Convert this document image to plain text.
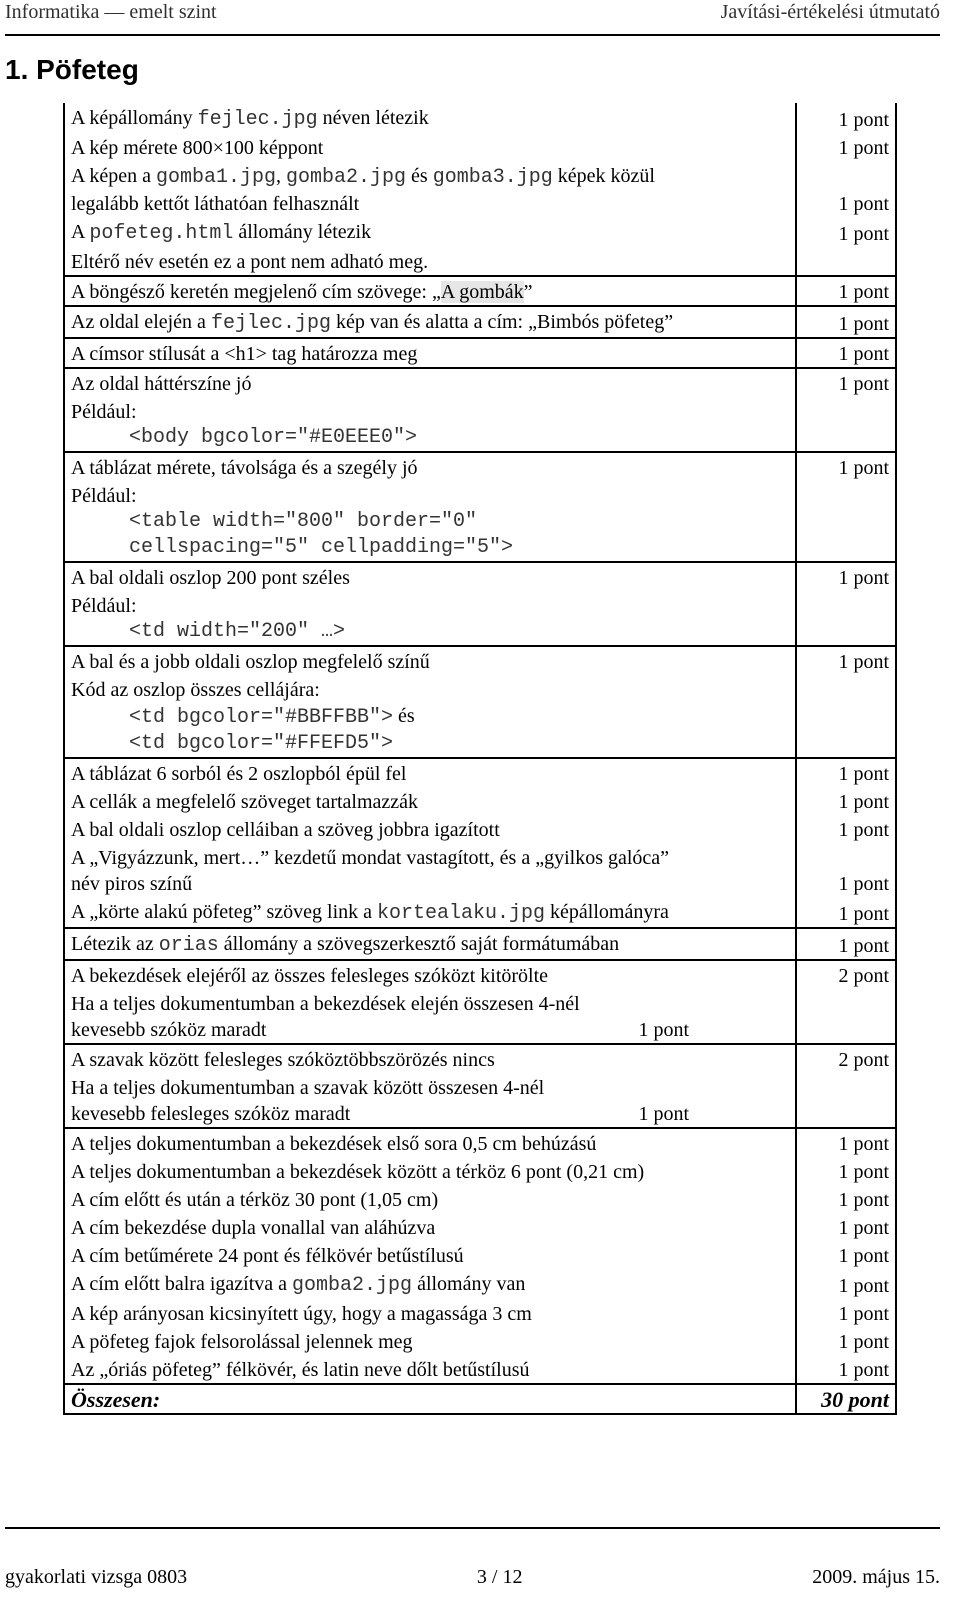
Informatika — emelt szint	Javítási-értékelési útmutató
1. Pöfeteg
A képállomány fejlec.jpg néven létezik	1 pont
A kép mérete 800×100 képpont	1 pont
A képen a gomba1.jpg, gomba2.jpg és gomba3.jpg képek közül
legalább kettőt láthatóan felhasznált	1 pont
A pofeteg.html állomány létezik	1 pont
Eltérő név esetén ez a pont nem adható meg.	
A böngésző keretén megjelenő cím szövege: „A gombák”	1 pont
Az oldal elején a fejlec.jpg kép van és alatta a cím: „Bimbós pöfeteg”	1 pont
A címsor stílusát a <h1> tag határozza meg	1 pont
Az oldal háttérszíne jó	1 pont
Például:

<body bgcolor="#E0EEE0">	

A táblázat mérete, távolsága és a szegély jó	1 pont
Például:

<table width="800" border="0"
cellspacing="5" cellpadding="5">	

A bal oldali oszlop 200 pont széles	1 pont
Például:

<td width="200" …>	

A bal és a jobb oldali oszlop megfelelő színű	1 pont
Kód az oszlop összes cellájára:

<td bgcolor="#BBFFBB"> és
<td bgcolor="#FFEFD5">	

A táblázat 6 sorból és 2 oszlopból épül fel	1 pont
A cellák a megfelelő szöveget tartalmazzák	1 pont
A bal oldali oszlop celláiban a szöveg jobbra igazított	1 pont
A „Vigyázzunk, mert…” kezdetű mondat vastagított, és a „gyilkos galóca”
név piros színű	1 pont
A „körte alakú pöfeteg” szöveg link a kortealaku.jpg képállományra	1 pont
Létezik az orias állomány a szövegszerkesztő saját formátumában	1 pont
A bekezdések elejéről az összes felesleges szóközt kitörölte	2 pont
Ha a teljes dokumentumban a bekezdések elején összesen 4-nél

kevesebb szóköz maradt 1 pont	

A szavak között felesleges szóköztöbbszörözés nincs	2 pont
Ha a teljes dokumentumban a szavak között összesen 4-nél

kevesebb felesleges szóköz maradt 1 pont	

A teljes dokumentumban a bekezdések első sora 0,5 cm behúzású	1 pont
A teljes dokumentumban a bekezdések között a térköz 6 pont (0,21 cm)	1 pont
A cím előtt és után a térköz 30 pont (1,05 cm)	1 pont
A cím bekezdése dupla vonallal van aláhúzva	1 pont
A cím betűmérete 24 pont és félkövér betűstílusú	1 pont
A cím előtt balra igazítva a gomba2.jpg állomány van	1 pont
A kép arányosan kicsinyített úgy, hogy a magassága 3 cm	1 pont
A pöfeteg fajok felsorolással jelennek meg	1 pont
Az „óriás pöfeteg” félkövér, és latin neve dőlt betűstílusú	1 pont
Összesen:	30 pont
gyakorlati vizsga 0803	3 / 12	2009. május 15.
